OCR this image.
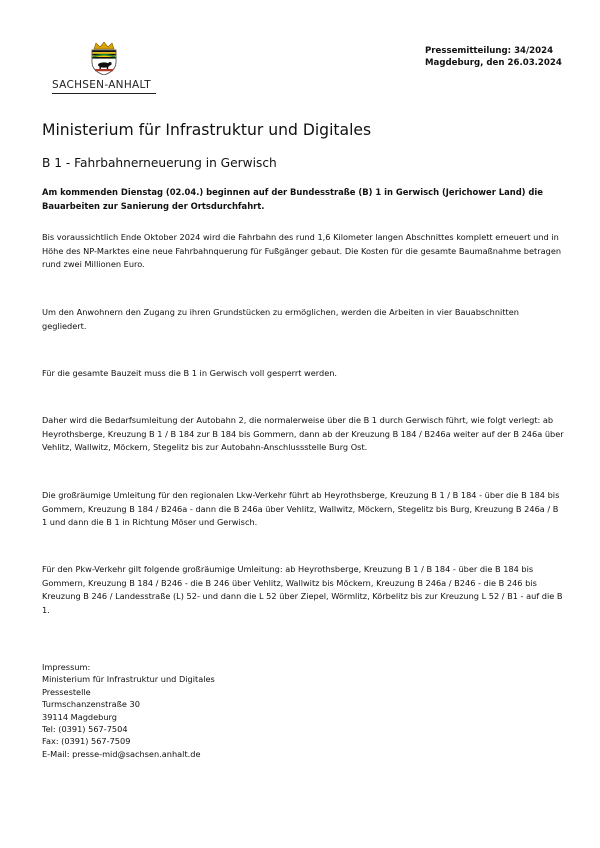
SACHSEN-ANHALT
Pressemitteilung: 34/2024
Magdeburg, den 26.03.2024
Ministerium für Infrastruktur und Digitales
B 1 - Fahrbahnerneuerung in Gerwisch

Am kommenden Dienstag (02.04.) beginnen auf der Bundesstraße (B) 1 in Gerwisch (Jerichower Land) die Bauarbeiten zur Sanierung der Ortsdurchfahrt.

Bis voraussichtlich Ende Oktober 2024 wird die Fahrbahn des rund 1,6 Kilometer langen Abschnittes komplett erneuert und in Höhe des NP-Marktes eine neue Fahrbahnquerung für Fußgänger gebaut. Die Kosten für die gesamte Baumaßnahme betragen rund zwei Millionen Euro.

Um den Anwohnern den Zugang zu ihren Grundstücken zu ermöglichen, werden die Arbeiten in vier Bauabschnitten gegliedert.

Für die gesamte Bauzeit muss die B 1 in Gerwisch voll gesperrt werden.

Daher wird die Bedarfsumleitung der Autobahn 2, die normalerweise über die B 1 durch Gerwisch führt, wie folgt verlegt: ab Heyrothsberge, Kreuzung B 1 / B 184 zur B 184 bis Gommern, dann ab der Kreuzung B 184 / B246a weiter auf der B 246a über Vehlitz, Wallwitz, Möckern, Stegelitz bis zur Autobahn-Anschlussstelle Burg Ost.

Die großräumige Umleitung für den regionalen Lkw-Verkehr führt ab Heyrothsberge, Kreuzung B 1 / B 184 - über die B 184 bis Gommern, Kreuzung B 184 / B246a - dann die B 246a über Vehlitz, Wallwitz, Möckern, Stegelitz bis Burg, Kreuzung B 246a / B 1 und dann die B 1 in Richtung Möser und Gerwisch.

Für den Pkw-Verkehr gilt folgende großräumige Umleitung: ab Heyrothsberge, Kreuzung B 1 / B 184 - über die B 184 bis Gommern, Kreuzung B 184 / B246 - die B 246 über Vehlitz, Wallwitz bis Möckern, Kreuzung B 246a / B246 - die B 246 bis Kreuzung B 246 / Landesstraße (L) 52- und dann die L 52 über Ziepel, Wörmlitz, Körbelitz bis zur Kreuzung L 52 / B1 - auf die B 1.

Impressum:
Ministerium für Infrastruktur und Digitales
Pressestelle
Turmschanzenstraße 30
39114 Magdeburg
Tel: (0391) 567-7504
Fax: (0391) 567-7509
E-Mail: presse-mid@sachsen.anhalt.de
